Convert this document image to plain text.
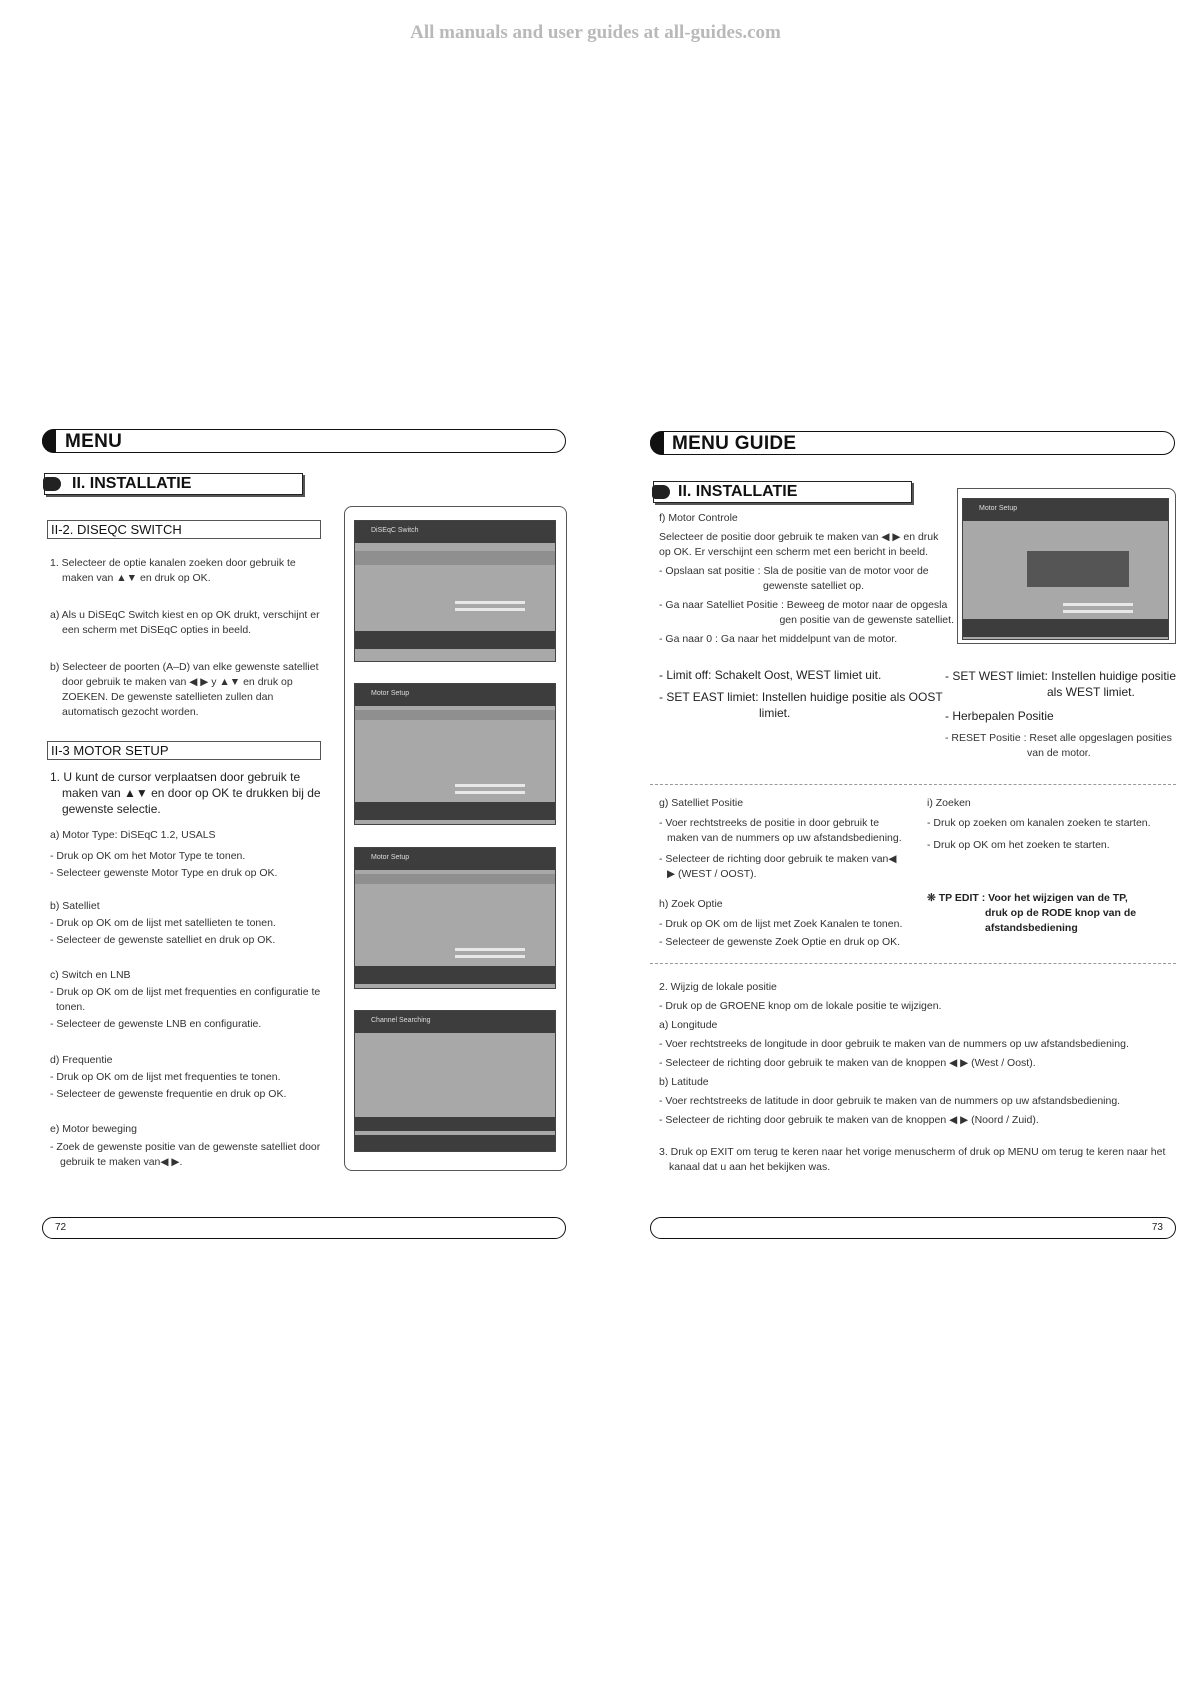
All manuals and user guides at all-guides.com
MENU
II. INSTALLATIE
II-2. DISEQC SWITCH
1. Selecteer de optie kanalen zoeken door gebruik te
maken van ▲▼ en druk op OK.
a) Als u DiSEqC Switch kiest en op OK drukt, verschijnt er
een scherm met DiSEqC opties in beeld.
b) Selecteer de poorten (A–D) van elke gewenste satelliet
door gebruik te maken van ◀ ▶ y ▲▼ en druk op
ZOEKEN. De gewenste satellieten zullen dan
automatisch gezocht worden.
II-3 MOTOR SETUP
1. U kunt de cursor verplaatsen door gebruik te
maken van ▲▼ en door op OK te drukken bij de
gewenste selectie.
a) Motor Type: DiSEqC 1.2, USALS
- Druk op OK om het Motor Type te tonen.
- Selecteer gewenste Motor Type en druk op OK.
b) Satelliet
- Druk op OK om de lijst met satellieten te tonen.
- Selecteer de gewenste satelliet en druk op OK.
c) Switch en LNB
- Druk op OK om de lijst met frequenties en configuratie te
tonen.
- Selecteer de gewenste LNB en configuratie.
d) Frequentie
- Druk op OK om de lijst met frequenties te tonen.
- Selecteer de gewenste frequentie en druk op OK.
e) Motor beweging
- Zoek de gewenste positie van de gewenste satelliet door
gebruik te maken van◀ ▶.
DiSEqC Switch
Motor Setup
Motor Setup
Channel Searching
72
MENU GUIDE
II. INSTALLATIE
f) Motor Controle
Selecteer de positie door gebruik te maken van ◀ ▶ en druk
op OK. Er verschijnt een scherm met een bericht in beeld.
- Opslaan sat positie : Sla de positie van de motor voor de
gewenste satelliet op.
- Ga naar Satelliet Positie : Beweeg de motor naar de opgesla
gen positie van de gewenste satelliet.
- Ga naar 0 : Ga naar het middelpunt van de motor.
- Limit off: Schakelt Oost, WEST limiet uit.
- SET EAST limiet: Instellen huidige positie als OOST
limiet.
- SET WEST limiet: Instellen huidige positie
als WEST limiet.
- Herbepalen Positie
- RESET Positie : Reset alle opgeslagen posities
van de motor.
Motor Setup
g) Satelliet Positie
- Voer rechtstreeks de positie in door gebruik te
maken van de nummers op uw afstandsbediening.
- Selecteer de richting door gebruik te maken van◀
▶ (WEST / OOST).
h) Zoek Optie
- Druk op OK om de lijst met Zoek Kanalen te tonen.
- Selecteer de gewenste Zoek Optie en druk op OK.
i) Zoeken
- Druk op zoeken om kanalen zoeken te starten.
- Druk op OK om het zoeken te starten.
❊ TP EDIT : Voor het wijzigen van de TP,
druk op de RODE knop van de
afstandsbediening
2. Wijzig de lokale positie
- Druk op de GROENE knop om de lokale positie te wijzigen.
a) Longitude
- Voer rechtstreeks de longitude in door gebruik te maken van de nummers op uw afstandsbediening.
- Selecteer de richting door gebruik te maken van de knoppen ◀ ▶ (West / Oost).
b) Latitude
- Voer rechtstreeks de latitude in door gebruik te maken van de nummers op uw afstandsbediening.
- Selecteer de richting door gebruik te maken van de knoppen ◀ ▶ (Noord / Zuid).
3. Druk op EXIT om terug te keren naar het vorige menuscherm of druk op MENU om terug te keren naar het
kanaal dat u aan het bekijken was.
73
